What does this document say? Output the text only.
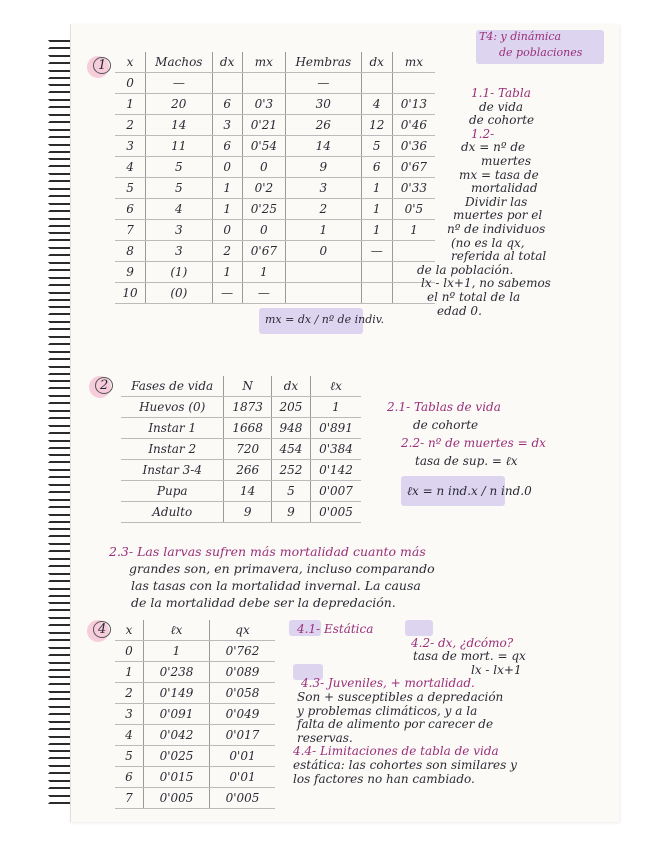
T4: y dinámica
de poblaciones
1	x	Machos	dx	mx	Hembras	dx	mx
0	—			—		
1	20	6	0'3	30	4	0'13
2	14	3	0'21	26	12	0'46
3	11	6	0'54	14	5	0'36
4	5	0	0	9	6	0'67
5	5	1	0'2	3	1	0'33
6	4	1	0'25	2	1	0'5
7	3	0	0	1	1	1
8	3	2	0'67	0	—	
9	(1)	1	1			
10	(0)	—	—			
mx = dx / nº de indiv.
1.1- Tabla
de vida
de cohorte
1.2-
dx = nº de
muertes
mx = tasa de
mortalidad
Dividir las
muertes por el
nº de individuos
(no es la qx,
referida al total
de la población.
lx - lx+1, no sabemos
el nº total de la
edad 0.
2	Fases de vida	N	dx	ℓx
Huevos (0)	1873	205	1
Instar 1	1668	948	0'891
Instar 2	720	454	0'384
Instar 3-4	266	252	0'142
Pupa	14	5	0'007
Adulto	9	9	0'005
2.1- Tablas de vida
de cohorte
2.2- nº de muertes = dx
tasa de sup. = ℓx
ℓx = n ind.x / n ind.0
2.3- Las larvas sufren más mortalidad cuanto más
grandes son, en primavera, incluso comparando
las tasas con la mortalidad invernal. La causa
de la mortalidad debe ser la depredación.
4	x	ℓx	qx
0	1	0'762
1	0'238	0'089
2	0'149	0'058
3	0'091	0'049
4	0'042	0'017
5	0'025	0'01
6	0'015	0'01
7	0'005	0'005
4.1- Estática
4.2- dx, ¿dcómo?
tasa de mort. = qx
lx - lx+1
4.3- Juveniles, + mortalidad.
Son + susceptibles a depredación
y problemas climáticos, y a la
falta de alimento por carecer de
reservas.
4.4- Limitaciones de tabla de vida
estática: las cohortes son similares y
los factores no han cambiado.
